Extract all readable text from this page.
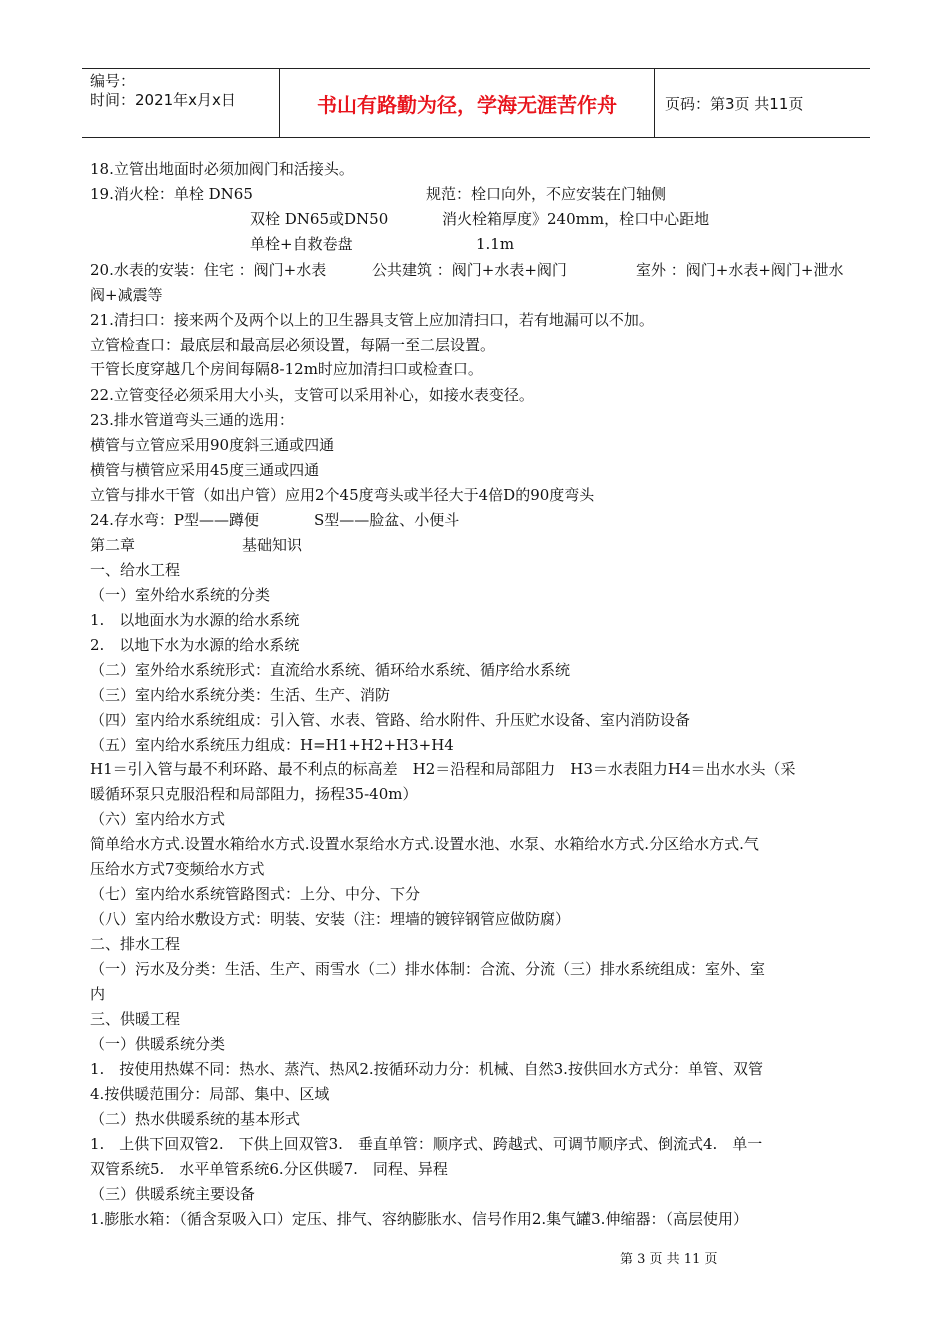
编号：
时间：2021年x月x日	书山有路勤为径，学海无涯苦作舟	页码：第3页 共11页
18.立管出地面时必须加阀门和活接头。
19.消火栓：单栓 DN65	规范：栓口向外，不应安装在门轴侧
双栓 DN65或DN50	消火栓箱厚度》240mm，栓口中心距地
单栓+自救卷盘	1.1m
20.水表的安装：住宅 ：阀门+水表	公共建筑 ：阀门+水表+阀门	室外 ：阀门+水表+阀门+泄水
阀+减震等
21.清扫口：接来两个及两个以上的卫生器具支管上应加清扫口，若有地漏可以不加。
立管检查口：最底层和最高层必须设置，每隔一至二层设置。
干管长度穿越几个房间每隔8-12m时应加清扫口或检查口。
22.立管变径必须采用大小头，支管可以采用补心，如接水表变径。
23.排水管道弯头三通的选用：
横管与立管应采用90度斜三通或四通
横管与横管应采用45度三通或四通
立管与排水干管（如出户管）应用2个45度弯头或半径大于4倍D的90度弯头
24.存水弯：P型——蹲便	S型——脸盆、小便斗
第二章	基础知识
一、给水工程
（一）室外给水系统的分类
1.　以地面水为水源的给水系统
2.　以地下水为水源的给水系统
（二）室外给水系统形式：直流给水系统、循环给水系统、循序给水系统
（三）室内给水系统分类：生活、生产、消防
（四）室内给水系统组成：引入管、水表、管路、给水附件、升压贮水设备、室内消防设备
（五）室内给水系统压力组成：H=H1+H2+H3+H4
H1＝引入管与最不利环路、最不利点的标高差　H2＝沿程和局部阻力　H3＝水表阻力H4＝出水水头（采
暖循环泵只克服沿程和局部阻力，扬程35-40m）
（六）室内给水方式
简单给水方式.设置水箱给水方式.设置水泵给水方式.设置水池、水泵、水箱给水方式.分区给水方式.气
压给水方式7变频给水方式
（七）室内给水系统管路图式：上分、中分、下分
（八）室内给水敷设方式：明装、安装（注：埋墙的镀锌钢管应做防腐）
二、排水工程
（一）污水及分类：生活、生产、雨雪水（二）排水体制：合流、分流（三）排水系统组成：室外、室
内
三、供暖工程
（一）供暖系统分类
1.　按使用热媒不同：热水、蒸汽、热风2.按循环动力分：机械、自然3.按供回水方式分：单管、双管
4.按供暖范围分：局部、集中、区域
（二）热水供暖系统的基本形式
1.　上供下回双管2.　下供上回双管3.　垂直单管：顺序式、跨越式、可调节顺序式、倒流式4.　单一
双管系统5.　水平单管系统6.分区供暖7.　同程、异程
（三）供暖系统主要设备
1.膨胀水箱：（循含泵吸入口）定压、排气、容纳膨胀水、信号作用2.集气罐3.伸缩器：（高层使用）
第 3 页 共 11 页
